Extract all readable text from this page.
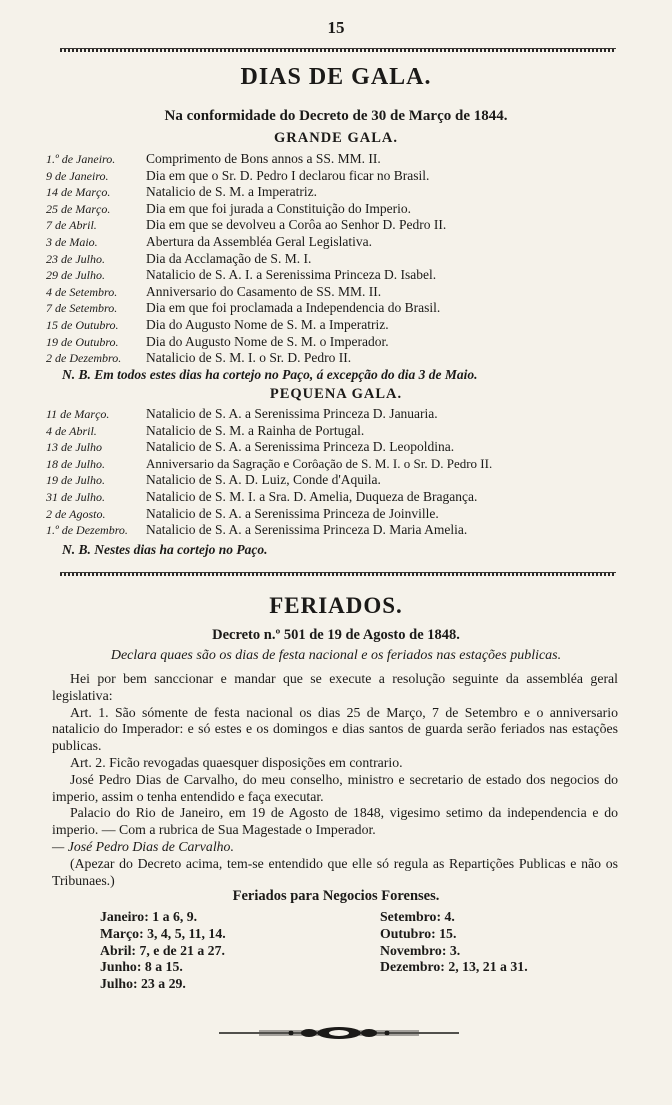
15
DIAS DE GALA.
Na conformidade do Decreto de 30 de Março de 1844.
GRANDE GALA.
1.º de Janeiro.	Comprimento de Bons annos a SS. MM. II.
9 de Janeiro.	Dia em que o Sr. D. Pedro I declarou ficar no Brasil.
14 de Março.	Natalicio de S. M. a Imperatriz.
25 de Março.	Dia em que foi jurada a Constituição do Imperio.
7 de Abril.	Dia em que se devolveu a Corôa ao Senhor D. Pedro II.
3 de Maio.	Abertura da Assembléa Geral Legislativa.
23 de Julho.	Dia da Acclamação de S. M. I.
29 de Julho.	Natalicio de S. A. I. a Serenissima Princeza D. Isabel.
4 de Setembro.	Anniversario do Casamento de SS. MM. II.
7 de Setembro.	Dia em que foi proclamada a Independencia do Brasil.
15 de Outubro.	Dia do Augusto Nome de S. M. a Imperatriz.
19 de Outubro.	Dia do Augusto Nome de S. M. o Imperador.
2 de Dezembro.	Natalicio de S. M. I. o Sr. D. Pedro II.
N. B. Em todos estes dias ha cortejo no Paço, á excepção do dia 3 de Maio.
PEQUENA GALA.
11 de Março.	Natalicio de S. A. a Serenissima Princeza D. Januaria.
4 de Abril.	Natalicio de S. M. a Rainha de Portugal.
13 de Julho	Natalicio de S. A. a Serenissima Princeza D. Leopoldina.
18 de Julho.	Anniversario da Sagração e Corôação de S. M. I. o Sr. D. Pedro II.
19 de Julho.	Natalicio de S. A. D. Luiz, Conde d'Aquila.
31 de Julho.	Natalicio de S. M. I. a Sra. D. Amelia, Duqueza de Bragança.
2 de Agosto.	Natalicio de S. A. a Serenissima Princeza de Joinville.
1.º de Dezembro.	Natalicio de S. A. a Serenissima Princeza D. Maria Amelia.
N. B. Nestes dias ha cortejo no Paço.
FERIADOS.
Decreto n.º 501 de 19 de Agosto de 1848.
Declara quaes são os dias de festa nacional e os feriados nas estações publicas.

Hei por bem sanccionar e mandar que se execute a resolução seguinte da assembléa geral legislativa:

Art. 1. São sómente de festa nacional os dias 25 de Março, 7 de Setembro e o anniversario natalicio do Imperador: e só estes e os domingos e dias santos de guarda serão feriados nas estações publicas.

Art. 2. Ficão revogadas quaesquer disposições em contrario.

José Pedro Dias de Carvalho, do meu conselho, ministro e secretario de estado dos negocios do imperio, assim o tenha entendido e faça executar.

Palacio do Rio de Janeiro, em 19 de Agosto de 1848, vigesimo setimo da independencia e do imperio. — Com a rubrica de Sua Magestade o Imperador.

— José Pedro Dias de Carvalho.

(Apezar do Decreto acima, tem-se entendido que elle só regula as Repartições Publicas e não os Tribunaes.)

Feriados para Negocios Forenses.
Janeiro: 1 a 6, 9.
Março: 3, 4, 5, 11, 14.
Abril: 7, e de 21 a 27.
Junho: 8 a 15.
Julho: 23 a 29.
Setembro: 4.
Outubro: 15.
Novembro: 3.
Dezembro: 2, 13, 21 a 31.
